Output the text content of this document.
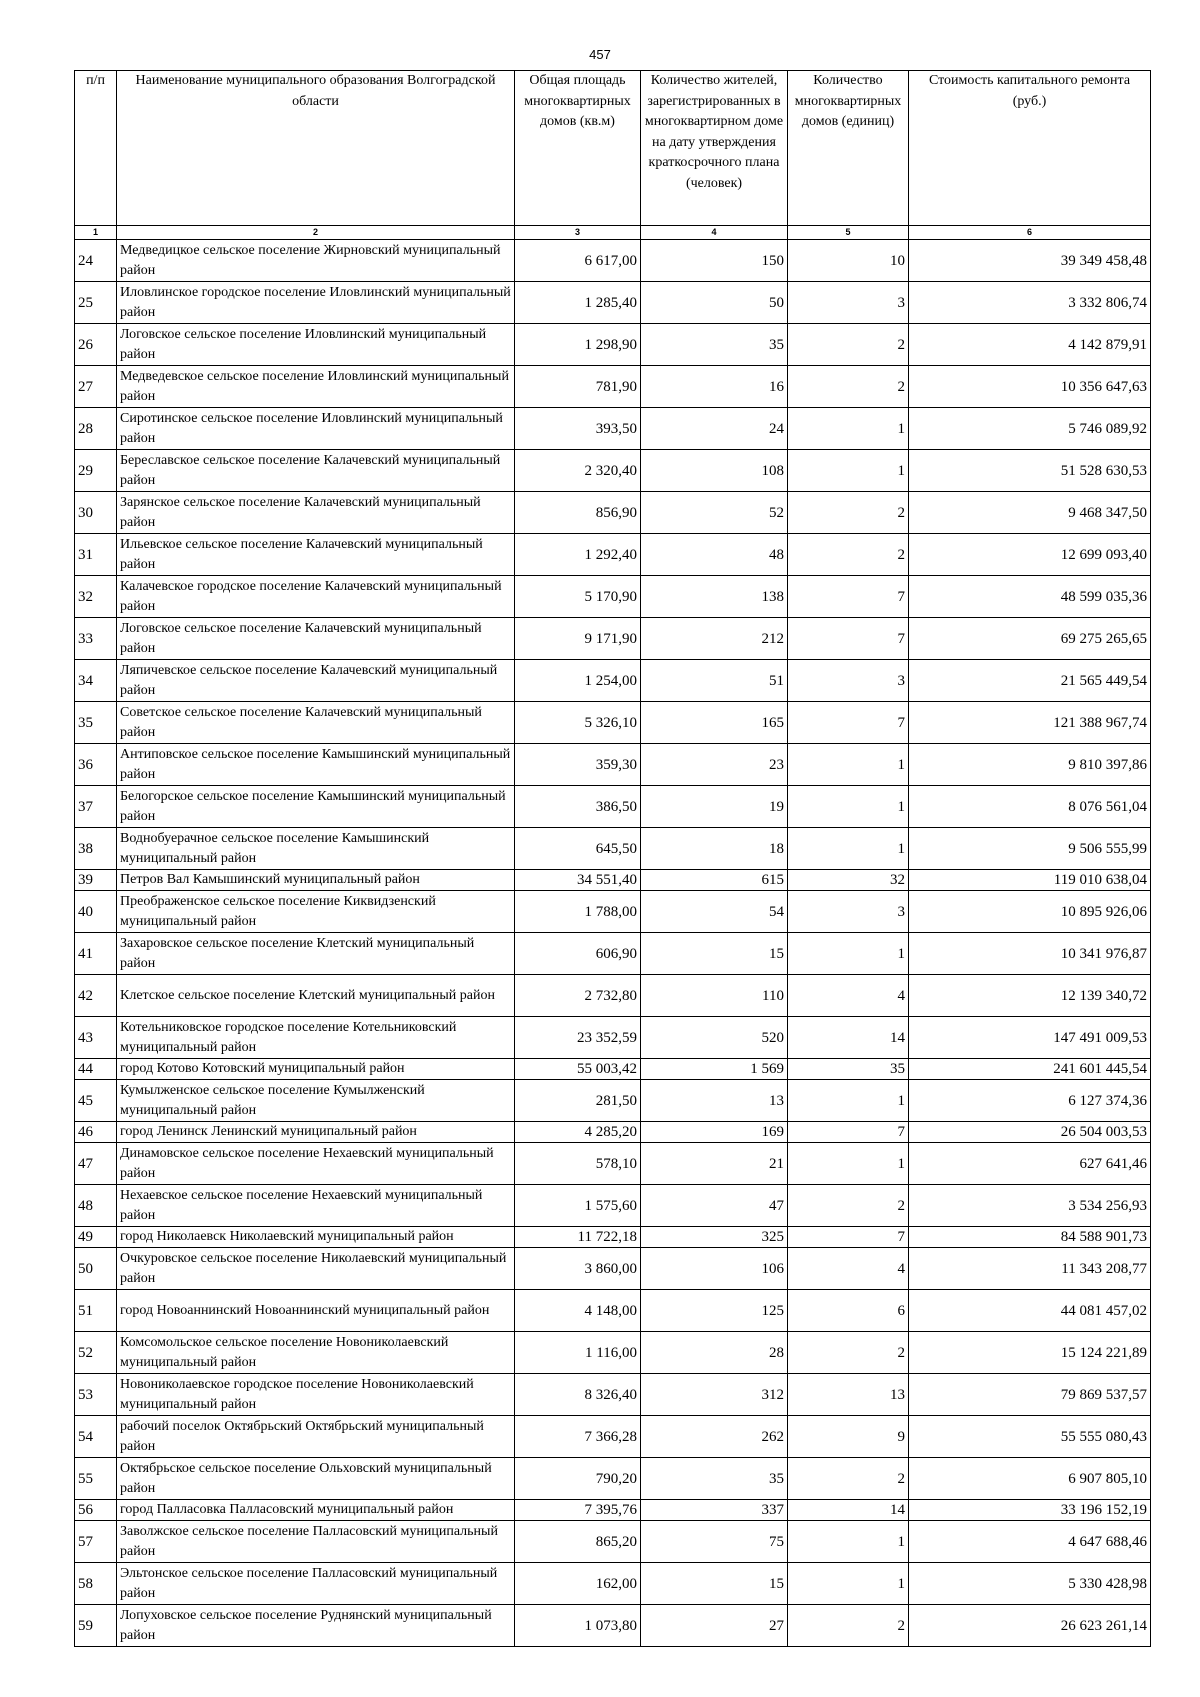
457
п/п	Наименование муниципального образования Волгоградской области	Общая площадь многоквартирных домов (кв.м)	Количество жителей, зарегистрированных в многоквартирном доме на дату утверждения краткосрочного плана (человек)	Количество многоквартирных домов (единиц)	Стоимость капитального ремонта (руб.)
1	2	3	4	5	6
24	Медведицкое сельское поселение Жирновский муниципальный район	6 617,00	150	10	39 349 458,48
25	Иловлинское городское поселение Иловлинский муниципальный район	1 285,40	50	3	3 332 806,74
26	Логовское сельское поселение Иловлинский муниципальный район	1 298,90	35	2	4 142 879,91
27	Медведевское сельское поселение Иловлинский муниципальный район	781,90	16	2	10 356 647,63
28	Сиротинское сельское поселение Иловлинский муниципальный район	393,50	24	1	5 746 089,92
29	Береславское сельское поселение Калачевский муниципальный район	2 320,40	108	1	51 528 630,53
30	Зарянское сельское поселение Калачевский муниципальный район	856,90	52	2	9 468 347,50
31	Ильевское сельское поселение Калачевский муниципальный район	1 292,40	48	2	12 699 093,40
32	Калачевское городское поселение Калачевский муниципальный район	5 170,90	138	7	48 599 035,36
33	Логовское сельское поселение Калачевский муниципальный район	9 171,90	212	7	69 275 265,65
34	Ляпичевское сельское поселение Калачевский муниципальный район	1 254,00	51	3	21 565 449,54
35	Советское сельское поселение Калачевский муниципальный район	5 326,10	165	7	121 388 967,74
36	Антиповское сельское поселение Камышинский муниципальный район	359,30	23	1	9 810 397,86
37	Белогорское сельское поселение Камышинский муниципальный район	386,50	19	1	8 076 561,04
38	Воднобуерачное сельское поселение Камышинский муниципальный район	645,50	18	1	9 506 555,99
39	Петров Вал Камышинский муниципальный район	34 551,40	615	32	119 010 638,04
40	Преображенское сельское поселение Киквидзенский муниципальный район	1 788,00	54	3	10 895 926,06
41	Захаровское сельское поселение Клетский муниципальный район	606,90	15	1	10 341 976,87
42	Клетское сельское поселение Клетский муниципальный район	2 732,80	110	4	12 139 340,72
43	Котельниковское городское поселение Котельниковский муниципальный район	23 352,59	520	14	147 491 009,53
44	город Котово Котовский муниципальный район	55 003,42	1 569	35	241 601 445,54
45	Кумылженское сельское поселение Кумылженский муниципальный район	281,50	13	1	6 127 374,36
46	город Ленинск Ленинский муниципальный район	4 285,20	169	7	26 504 003,53
47	Динамовское сельское поселение Нехаевский муниципальный район	578,10	21	1	627 641,46
48	Нехаевское сельское поселение Нехаевский муниципальный район	1 575,60	47	2	3 534 256,93
49	город Николаевск Николаевский муниципальный район	11 722,18	325	7	84 588 901,73
50	Очкуровское сельское поселение Николаевский муниципальный район	3 860,00	106	4	11 343 208,77
51	город Новоаннинский Новоаннинский муниципальный район	4 148,00	125	6	44 081 457,02
52	Комсомольское сельское поселение Новониколаевский муниципальный район	1 116,00	28	2	15 124 221,89
53	Новониколаевское городское поселение Новониколаевский муниципальный район	8 326,40	312	13	79 869 537,57
54	рабочий поселок Октябрьский Октябрьский муниципальный район	7 366,28	262	9	55 555 080,43
55	Октябрьское сельское поселение Ольховский муниципальный район	790,20	35	2	6 907 805,10
56	город Палласовка Палласовский муниципальный район	7 395,76	337	14	33 196 152,19
57	Заволжское сельское поселение Палласовский муниципальный район	865,20	75	1	4 647 688,46
58	Эльтонское сельское поселение Палласовский муниципальный район	162,00	15	1	5 330 428,98
59	Лопуховское сельское поселение Руднянский муниципальный район	1 073,80	27	2	26 623 261,14
